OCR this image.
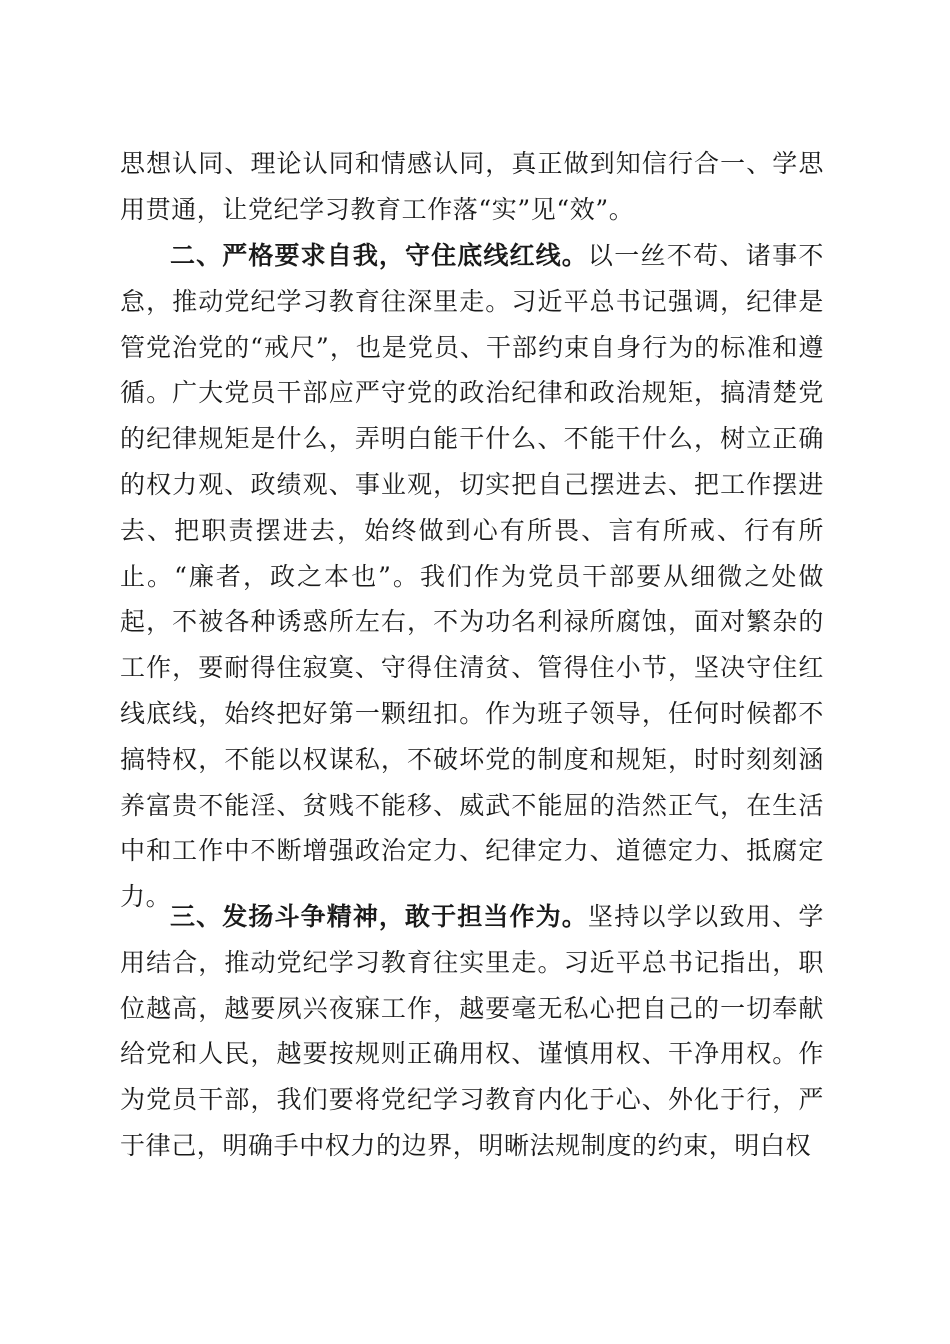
思想认同、理论认同和情感认同，真正做到知信行合一、学思用贯通，让党纪学习教育工作落“实”见“效”。

二、严格要求自我，守住底线红线。以一丝不苟、诸事不怠，推动党纪学习教育往深里走。习近平总书记强调，纪律是管党治党的“戒尺”，也是党员、干部约束自身行为的标准和遵循。广大党员干部应严守党的政治纪律和政治规矩，搞清楚党的纪律规矩是什么，弄明白能干什么、不能干什么，树立正确的权力观、政绩观、事业观，切实把自己摆进去、把工作摆进去、把职责摆进去，始终做到心有所畏、言有所戒、行有所止。“廉者，政之本也”。我们作为党员干部要从细微之处做起，不被各种诱惑所左右，不为功名利禄所腐蚀，面对繁杂的工作，要耐得住寂寞、守得住清贫、管得住小节，坚决守住红线底线，始终把好第一颗纽扣。作为班子领导，任何时候都不搞特权，不能以权谋私，不破坏党的制度和规矩，时时刻刻涵养富贵不能淫、贫贱不能移、威武不能屈的浩然正气，在生活中和工作中不断增强政治定力、纪律定力、道德定力、抵腐定力。

三、发扬斗争精神，敢于担当作为。坚持以学以致用、学用结合，推动党纪学习教育往实里走。习近平总书记指出，职位越高，越要夙兴夜寐工作，越要毫无私心把自己的一切奉献给党和人民，越要按规则正确用权、谨慎用权、干净用权。作为党员干部，我们要将党纪学习教育内化于心、外化于行，严于律己，明确手中权力的边界，明晰法规制度的约束，明白权
